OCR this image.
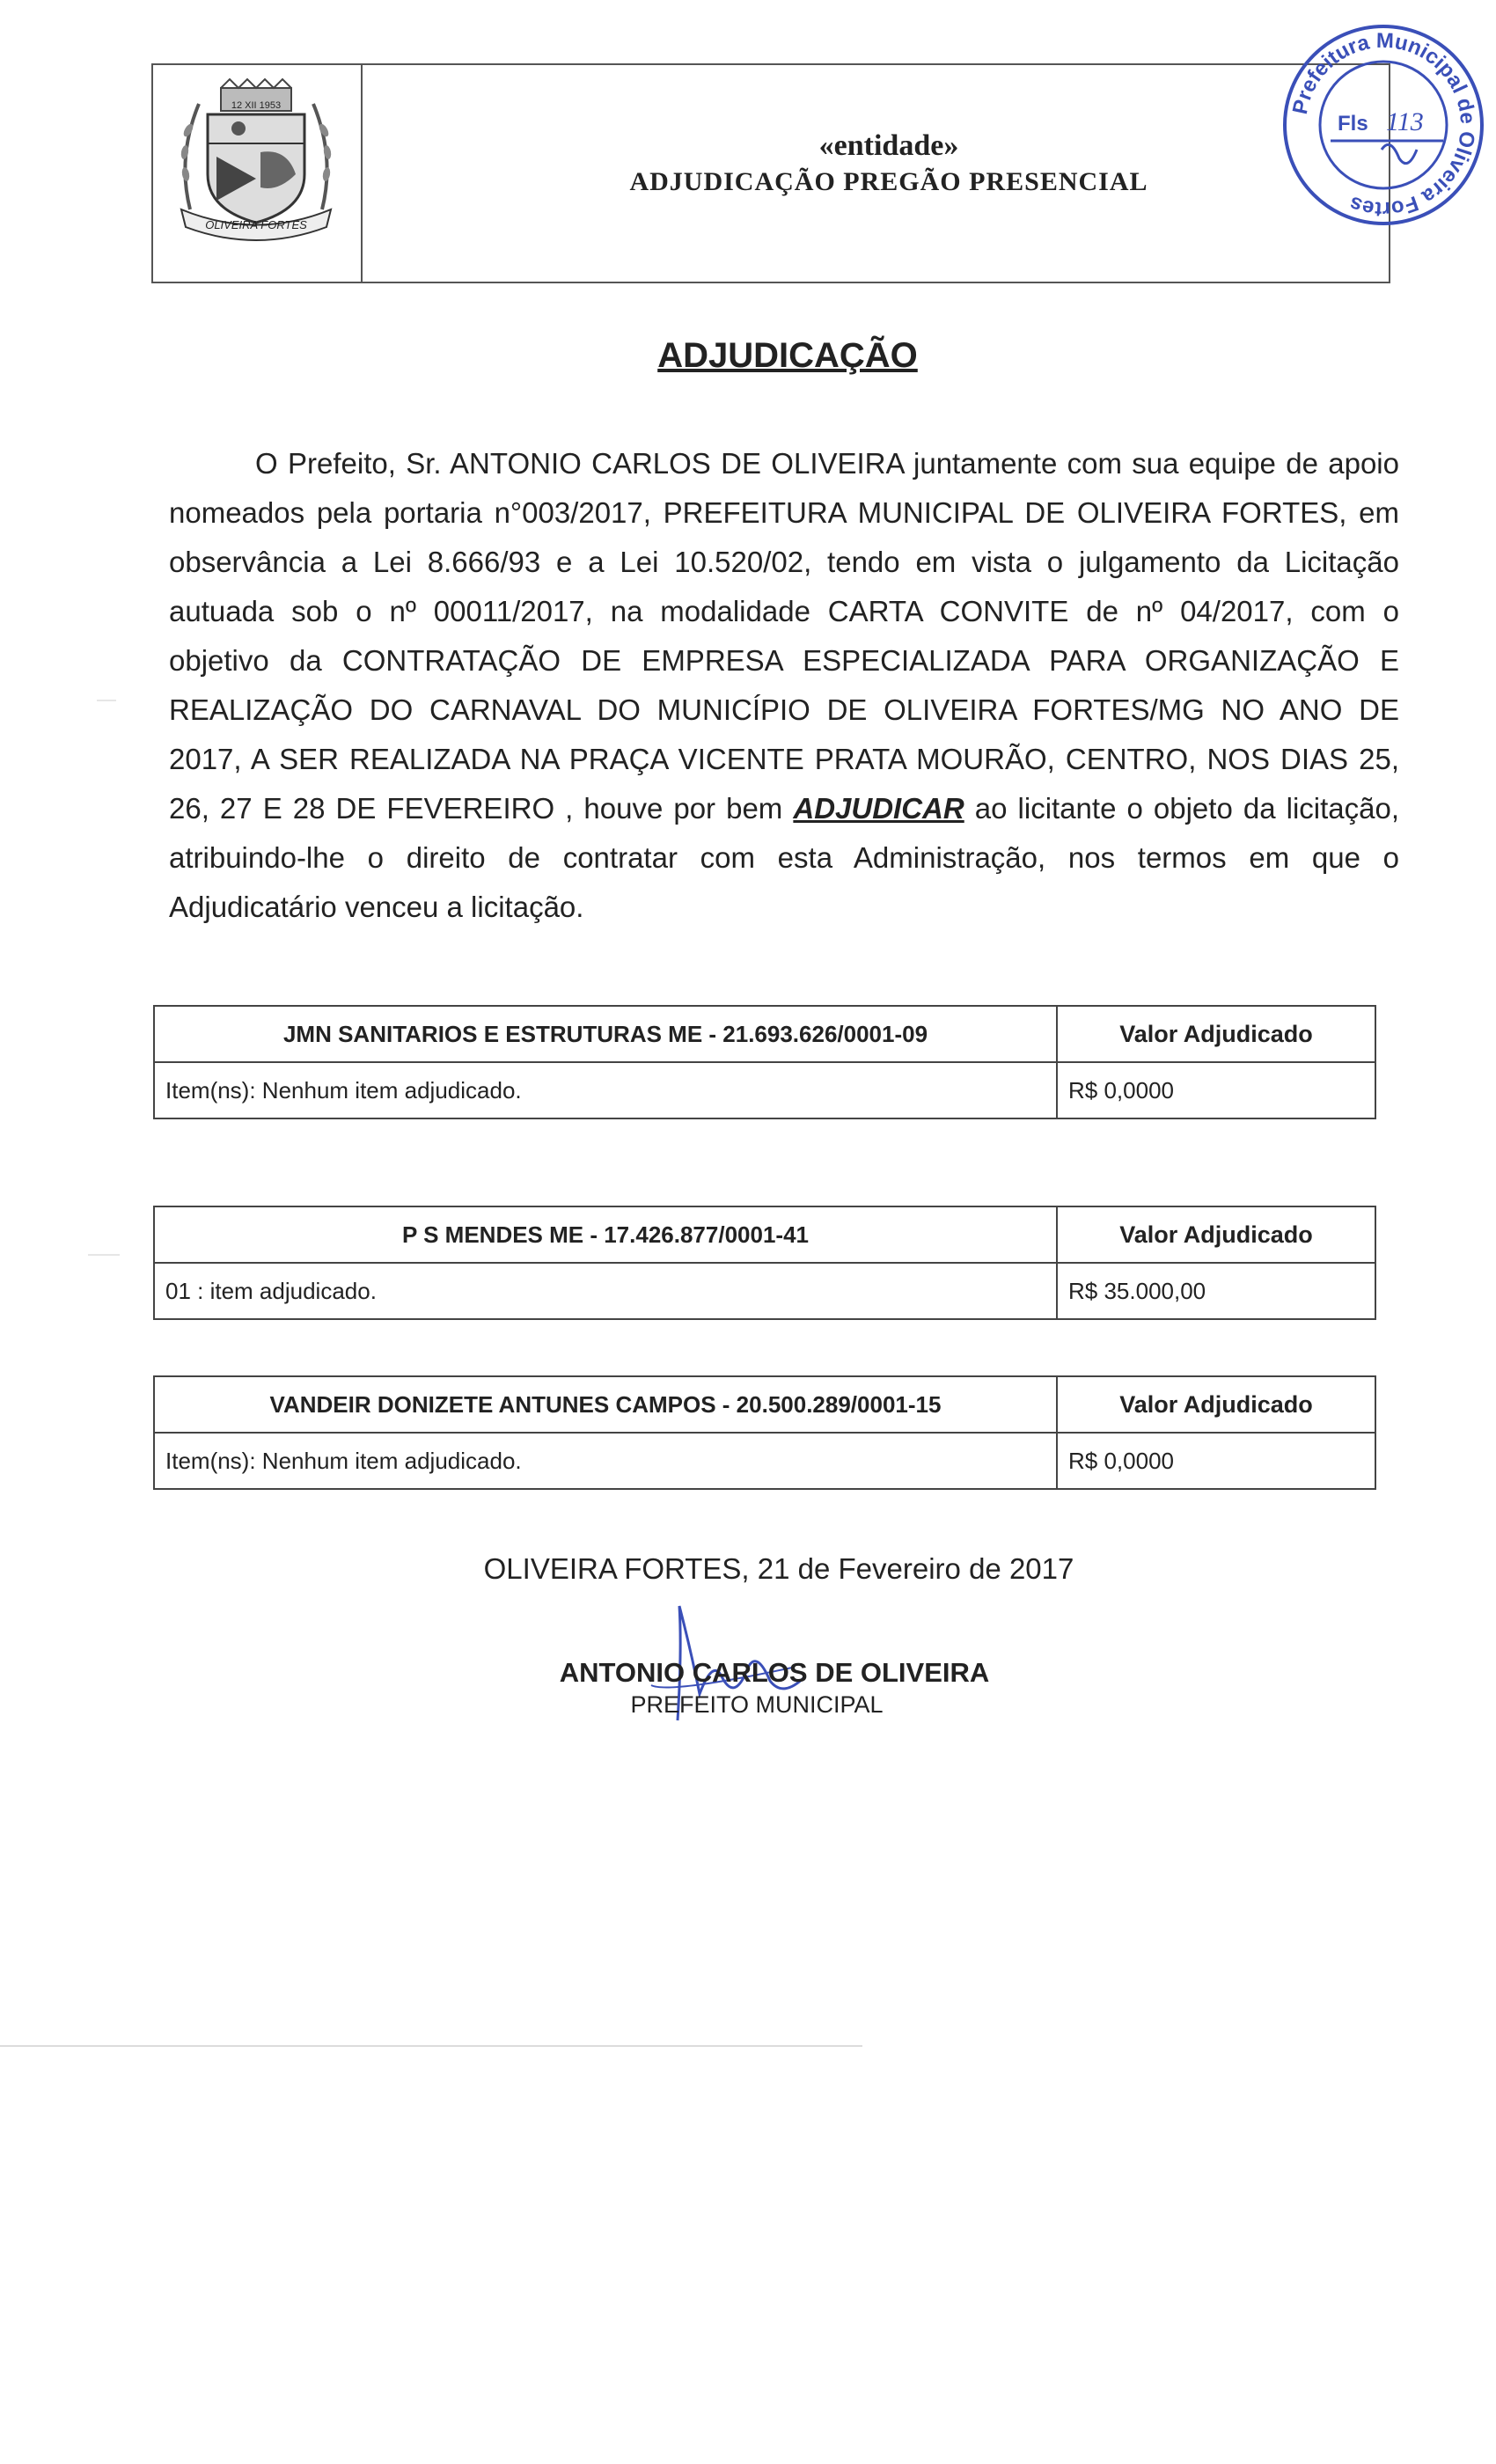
12 XII 1953
OLIVEIRA FORTES
«entidade»
ADJUDICAÇÃO PREGÃO PRESENCIAL
Prefeitura Municipal de Oliveira Fortes
Fls 113
ADJUDICAÇÃO
O Prefeito, Sr. ANTONIO CARLOS DE OLIVEIRA juntamente com sua equipe de apoio
nomeados pela portaria n°003/2017, PREFEITURA MUNICIPAL DE OLIVEIRA FORTES, em
observância a Lei 8.666/93 e a Lei 10.520/02, tendo em vista o julgamento da Licitação
autuada sob o nº 00011/2017, na modalidade CARTA CONVITE de nº 04/2017, com o
objetivo da CONTRATAÇÃO DE EMPRESA ESPECIALIZADA PARA ORGANIZAÇÃO E
REALIZAÇÃO DO CARNAVAL DO MUNICÍPIO DE OLIVEIRA FORTES/MG NO ANO DE
2017, A SER REALIZADA NA PRAÇA VICENTE PRATA MOURÃO, CENTRO, NOS DIAS 25,
26, 27 E 28 DE FEVEREIRO , houve por bem ADJUDICAR ao licitante o objeto da licitação,
atribuindo-lhe o direito de contratar com esta Administração, nos termos em que o
Adjudicatário venceu a licitação.
JMN SANITARIOS E ESTRUTURAS ME - 21.693.626/0001-09	Valor Adjudicado
Item(ns): Nenhum item adjudicado.	R$ 0,0000
P S MENDES ME - 17.426.877/0001-41	Valor Adjudicado
01 : item adjudicado.	R$ 35.000,00
VANDEIR DONIZETE ANTUNES CAMPOS - 20.500.289/0001-15	Valor Adjudicado
Item(ns): Nenhum item adjudicado.	R$ 0,0000
OLIVEIRA FORTES, 21 de Fevereiro de 2017
ANTONIO CARLOS DE OLIVEIRA
PREFEITO MUNICIPAL
